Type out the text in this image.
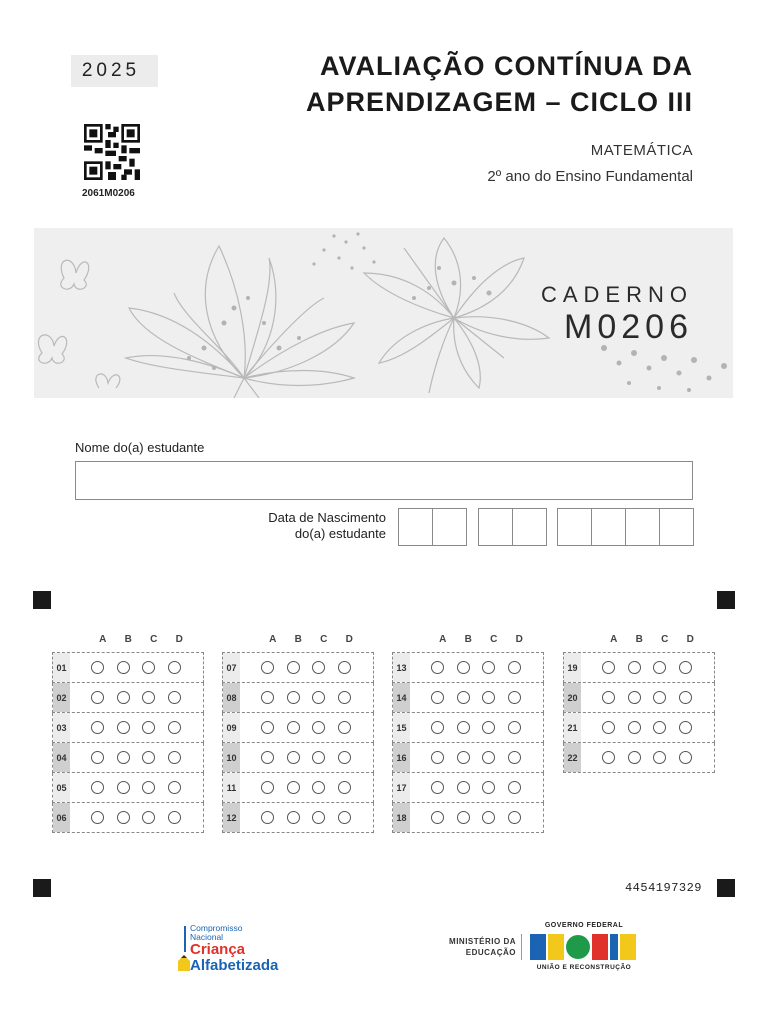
2025
2061M0206
AVALIAÇÃO CONTÍNUA DA
APRENDIZAGEM – CICLO III
MATEMÁTICA
2º ano do Ensino Fundamental
CADERNO
M0206
Nome do(a) estudante
Data de Nascimento
do(a) estudante
A	B	C	D
01
02
03
04
05
06
A	B	C	D
07
08
09
10
11
12
A	B	C	D
13
14
15
16
17
18
A	B	C	D
19
20
21
22
4454197329
Compromisso
Nacional
Criança
Alfabetizada
MINISTÉRIO DA
EDUCAÇÃO
GOVERNO FEDERAL
UNIÃO E RECONSTRUÇÃO
